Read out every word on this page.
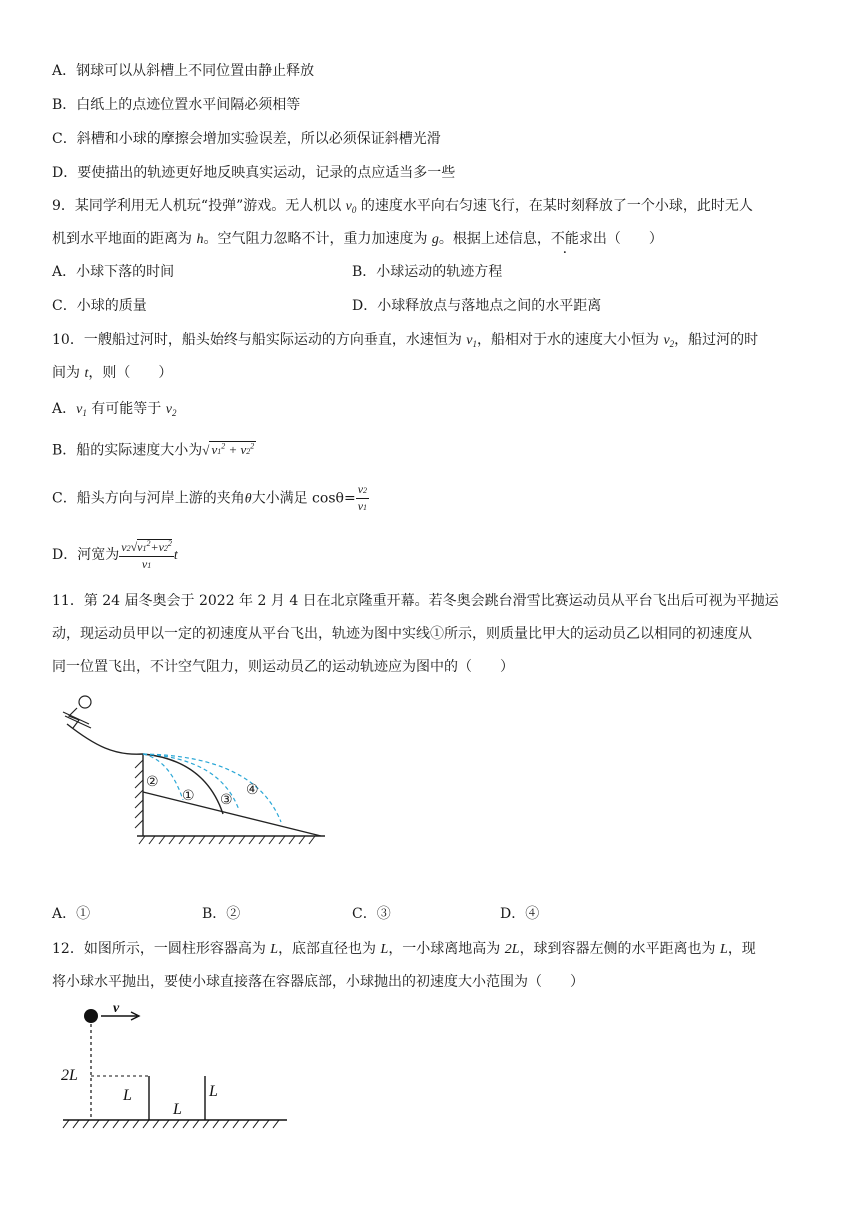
A．钢球可以从斜槽上不同位置由静止释放
B．白纸上的点迹位置水平间隔必须相等
C．斜槽和小球的摩擦会增加实验误差，所以必须保证斜槽光滑
D．要使描出的轨迹更好地反映真实运动，记录的点应适当多一些
9．某同学利用无人机玩“投弹”游戏。无人机以 $v_0$ 的速度水平向右匀速飞行，在某时刻释放了一个小球，此时无人
机到水平地面的距离为 h。空气阻力忽略不计，重力加速度为 g。根据上述信息，不能求出（　　）
A．小球下落的时间	B．小球运动的轨迹方程
C．小球的质量	D．小球释放点与落地点之间的水平距离
10．一艘船过河时，船头始终与船实际运动的方向垂直，水速恒为 $v_1$，船相对于水的速度大小恒为 $v_2$，船过河的时
间为 t，则（　　）
A．$v_1$ 有可能等于 $v_2$
B．船的实际速度大小为√ $v1^2 + v2^2$
C．船头方向与河岸上游的夹角θ大小满足 $\cos\theta= \frac{v2}{v1}$
D．河宽为 $\frac{v2√v1^2+v2^2}{v1}$ t
11．第 24 届冬奥会于 2022 年 2 月 4 日在北京隆重开幕。若冬奥会跳台滑雪比赛运动员从平台飞出后可视为平抛运
动，现运动员甲以一定的初速度从平台飞出，轨迹为图中实线①所示，则质量比甲大的运动员乙以相同的初速度从
同一位置飞出，不计空气阻力，则运动员乙的运动轨迹应为图中的（　　）
②
① ③
④
A．①	B．②	C．③	D．④
12．如图所示，一圆柱形容器高为 L，底部直径也为 L，一小球离地高为 2L，球到容器左侧的水平距离也为 L，现
将小球水平抛出，要使小球直接落在容器底部，小球抛出的初速度大小范围为（　　）
v
2L
L
L
L
